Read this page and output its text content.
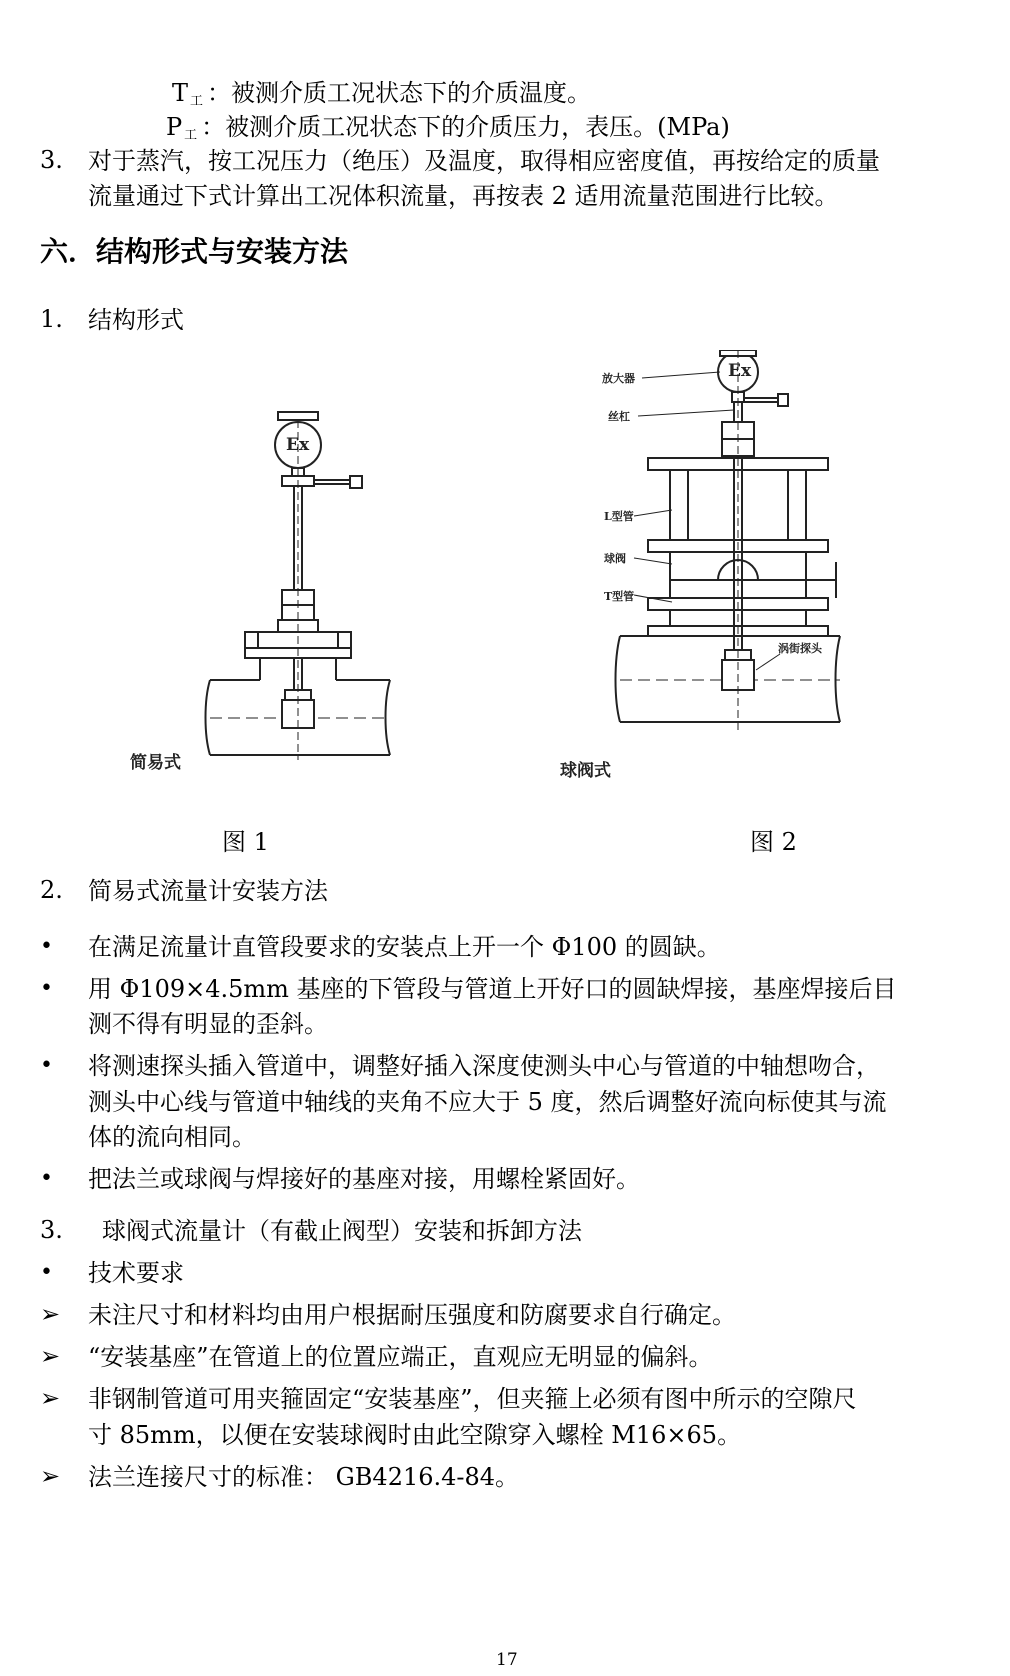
T工 ：被测介质工况状态下的介质温度。
P工 ：被测介质工况状态下的介质压力，表压。(MPa)
3. 对于蒸汽，按工况压力（绝压）及温度，取得相应密度值，再按给定的质量
流量通过下式计算出工况体积流量，再按表 2 适用流量范围进行比较。
六．结构形式与安装方法
1. 结构形式
Ex
简易式
Ex
放大器
丝杠
L型管
球阀
T型管
涡街探头
球阀式
图 1	图 2
2. 简易式流量计安装方法
• 在满足流量计直管段要求的安装点上开一个 Φ100 的圆缺。
• 用 Φ109×4.5mm 基座的下管段与管道上开好口的圆缺焊接，基座焊接后目
测不得有明显的歪斜。
• 将测速探头插入管道中，调整好插入深度使测头中心与管道的中轴想吻合，
测头中心线与管道中轴线的夹角不应大于 5 度，然后调整好流向标使其与流
体的流向相同。
• 把法兰或球阀与焊接好的基座对接，用螺栓紧固好。
3. 球阀式流量计（有截止阀型）安装和拆卸方法
• 技术要求
➢ 未注尺寸和材料均由用户根据耐压强度和防腐要求自行确定。
➢ “安装基座”在管道上的位置应端正，直观应无明显的偏斜。
➢ 非钢制管道可用夹箍固定“安装基座”，但夹箍上必须有图中所示的空隙尺
寸 85mm，以便在安装球阀时由此空隙穿入螺栓 M16×65。
➢ 法兰连接尺寸的标准： GB4216.4-84。
17
